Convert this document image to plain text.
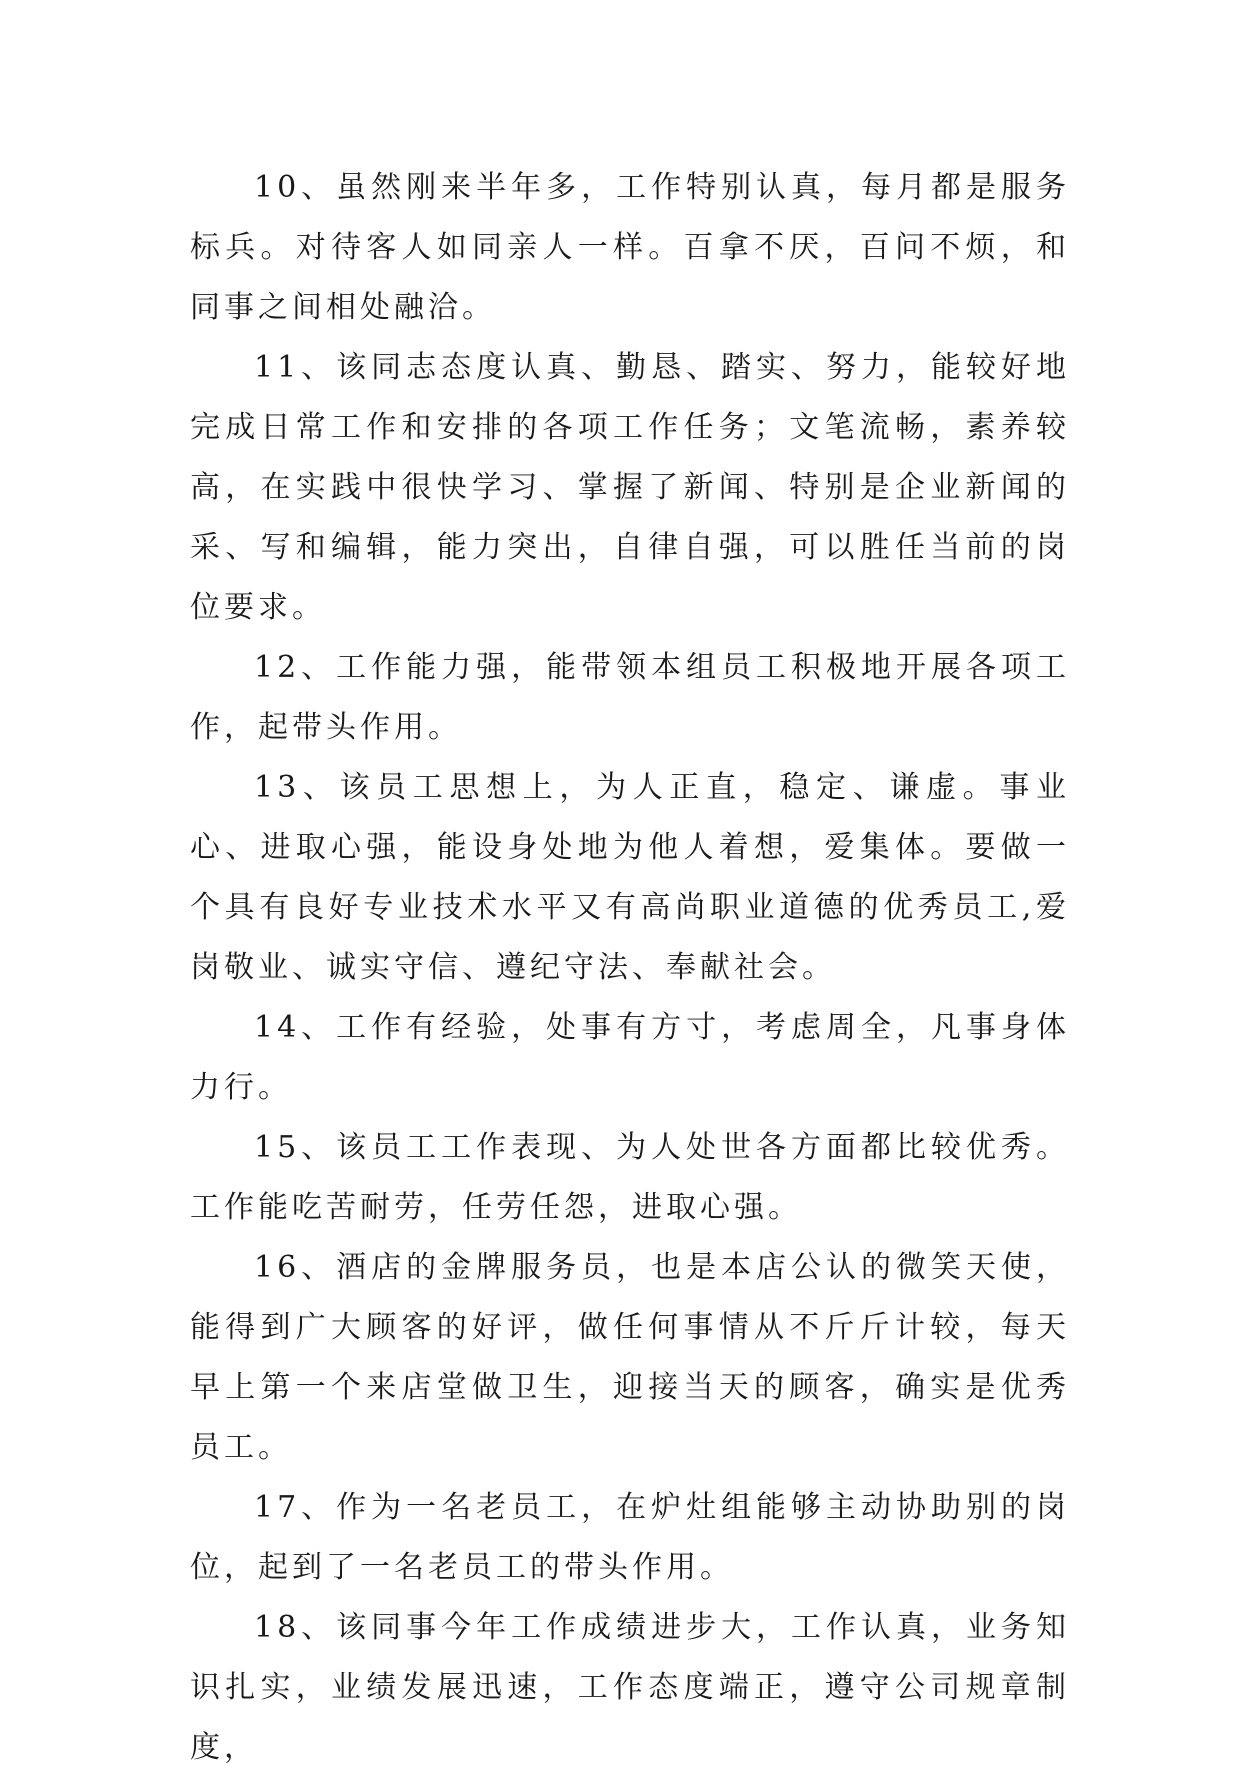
10、虽然刚来半年多，工作特别认真，每月都是服务标兵。对待客人如同亲人一样。百拿不厌，百问不烦，和同事之间相处融洽。

11、该同志态度认真、勤恳、踏实、努力，能较好地完成日常工作和安排的各项工作任务；文笔流畅，素养较高，在实践中很快学习、掌握了新闻、特别是企业新闻的采、写和编辑，能力突出，自律自强，可以胜任当前的岗位要求。

12、工作能力强，能带领本组员工积极地开展各项工作，起带头作用。

13、该员工思想上，为人正直，稳定、谦虚。事业心、进取心强，能设身处地为他人着想，爱集体。要做一个具有良好专业技术水平又有高尚职业道德的优秀员工,爱岗敬业、诚实守信、遵纪守法、奉献社会。

14、工作有经验，处事有方寸，考虑周全，凡事身体力行。

15、该员工工作表现、为人处世各方面都比较优秀。工作能吃苦耐劳，任劳任怨，进取心强。

16、酒店的金牌服务员，也是本店公认的微笑天使，能得到广大顾客的好评，做任何事情从不斤斤计较，每天早上第一个来店堂做卫生，迎接当天的顾客，确实是优秀员工。

17、作为一名老员工，在炉灶组能够主动协助别的岗位，起到了一名老员工的带头作用。

18、该同事今年工作成绩进步大，工作认真，业务知识扎实，业绩发展迅速，工作态度端正，遵守公司规章制度，
